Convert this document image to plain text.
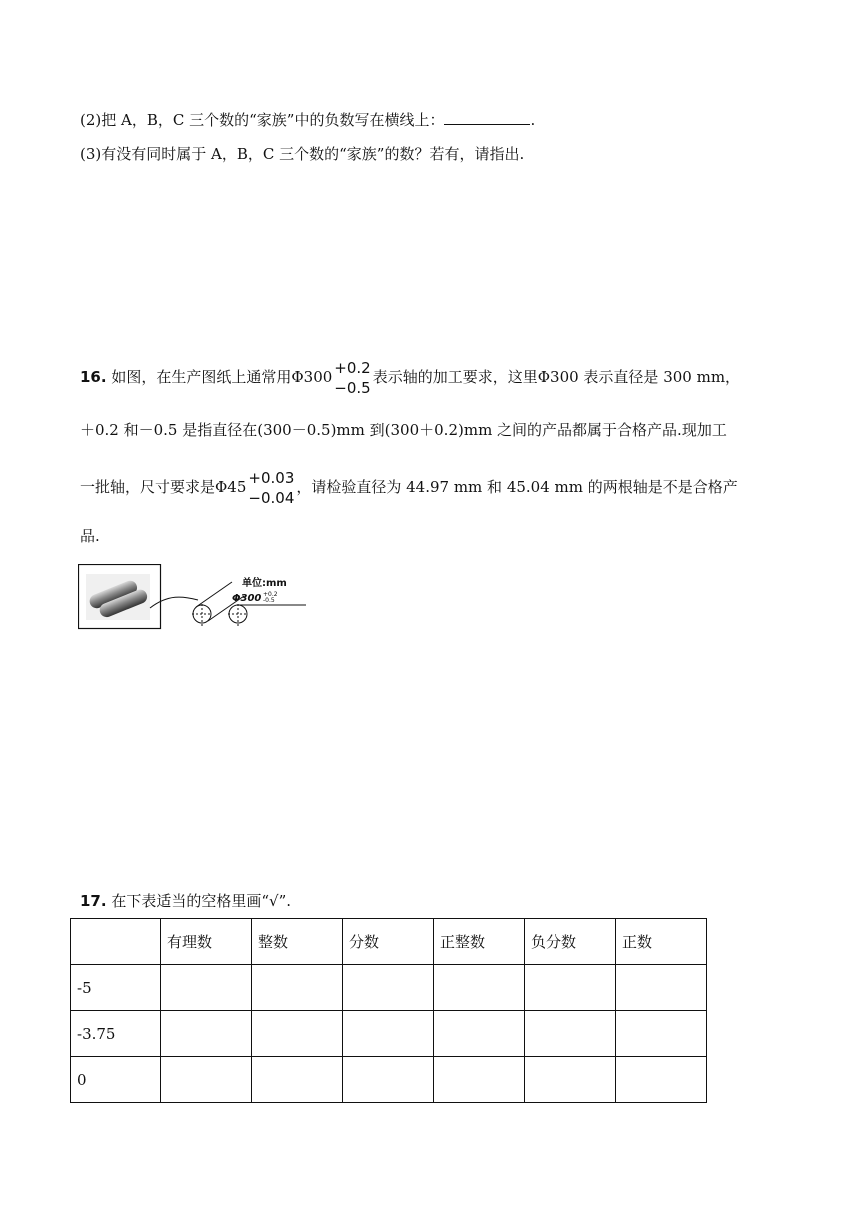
(2)把 A，B，C 三个数的“家族”中的负数写在横线上：	.
(3)有没有同时属于 A，B，C 三个数的“家族”的数？若有，请指出.
16. 如图，在生产图纸上通常用Φ300 +0.2
−0.5
表示轴的加工要求，这里Φ300 表示直径是 300 mm，
＋0.2 和－0.5 是指直径在(300－0.5)mm 到(300＋0.2)mm 之间的产品都属于合格产品.现加工
一批轴，尺寸要求是Φ45 +0.03
−0.04
，请检验直径为 44.97 mm 和 45.04 mm 的两根轴是不是合格产
品.
单位:mm
Φ300 +0.2
-0.5
17. 在下表适当的空格里画“√”.
	有理数	整数	分数	正整数	负分数	正数
-5						
-3.75						
0						
